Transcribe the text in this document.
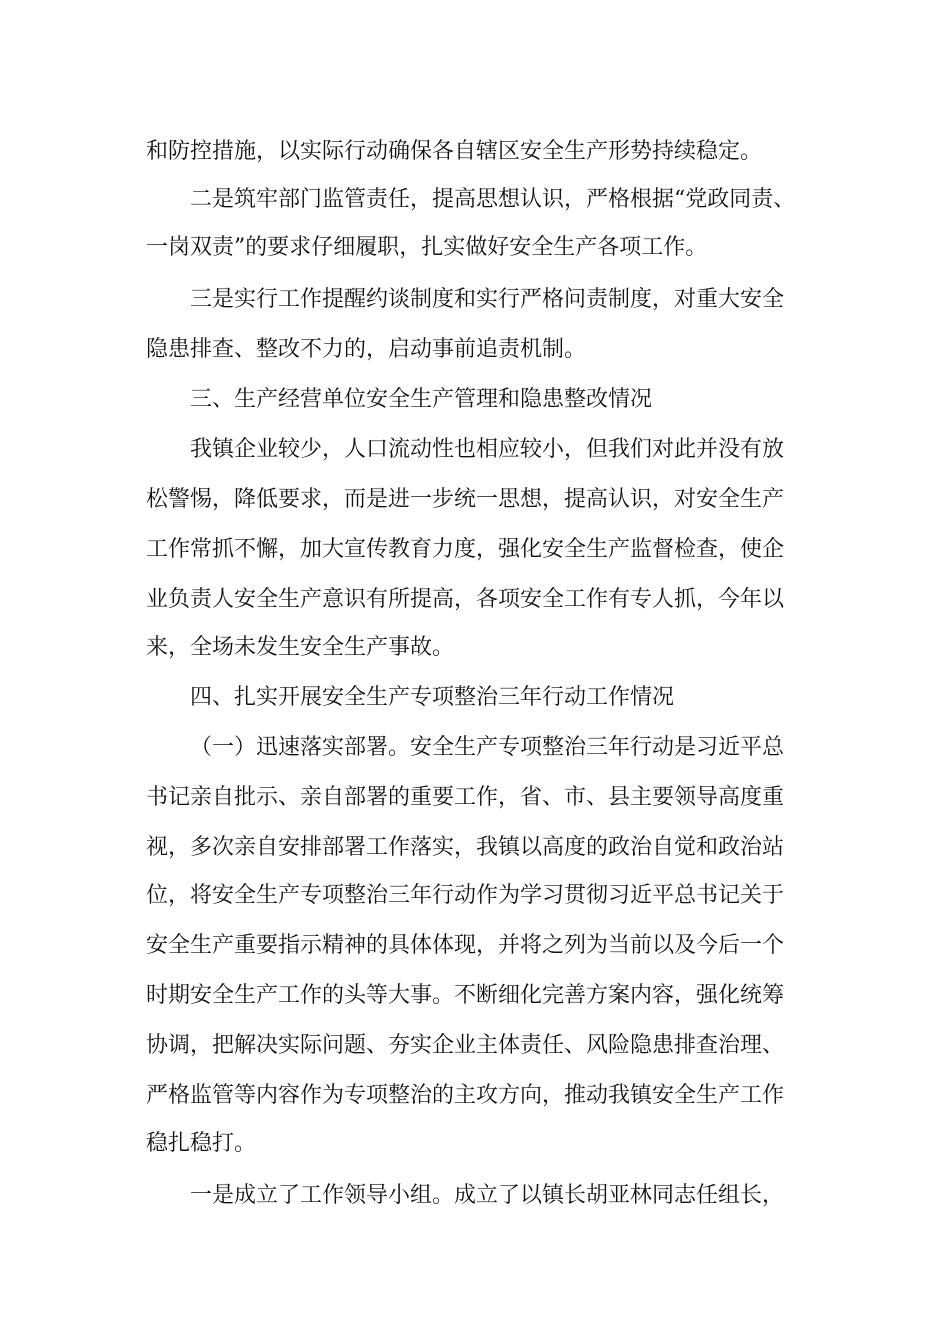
和防控措施，以实际行动确保各自辖区安全生产形势持续稳定。
二是筑牢部门监管责任，提高思想认识，严格根据“党政同责、
一岗双责”的要求仔细履职，扎实做好安全生产各项工作。
三是实行工作提醒约谈制度和实行严格问责制度，对重大安全
隐患排查、整改不力的，启动事前追责机制。
三、生产经营单位安全生产管理和隐患整改情况
我镇企业较少，人口流动性也相应较小，但我们对此并没有放
松警惕，降低要求，而是进一步统一思想，提高认识，对安全生产
工作常抓不懈，加大宣传教育力度，强化安全生产监督检查，使企
业负责人安全生产意识有所提高，各项安全工作有专人抓，今年以
来，全场未发生安全生产事故。
四、扎实开展安全生产专项整治三年行动工作情况
（一）迅速落实部署。安全生产专项整治三年行动是习近平总
书记亲自批示、亲自部署的重要工作，省、市、县主要领导高度重
视，多次亲自安排部署工作落实，我镇以高度的政治自觉和政治站
位，将安全生产专项整治三年行动作为学习贯彻习近平总书记关于
安全生产重要指示精神的具体体现，并将之列为当前以及今后一个
时期安全生产工作的头等大事。不断细化完善方案内容，强化统筹
协调，把解决实际问题、夯实企业主体责任、风险隐患排查治理、
严格监管等内容作为专项整治的主攻方向，推动我镇安全生产工作
稳扎稳打。
一是成立了工作领导小组。成立了以镇长胡亚林同志任组长，
